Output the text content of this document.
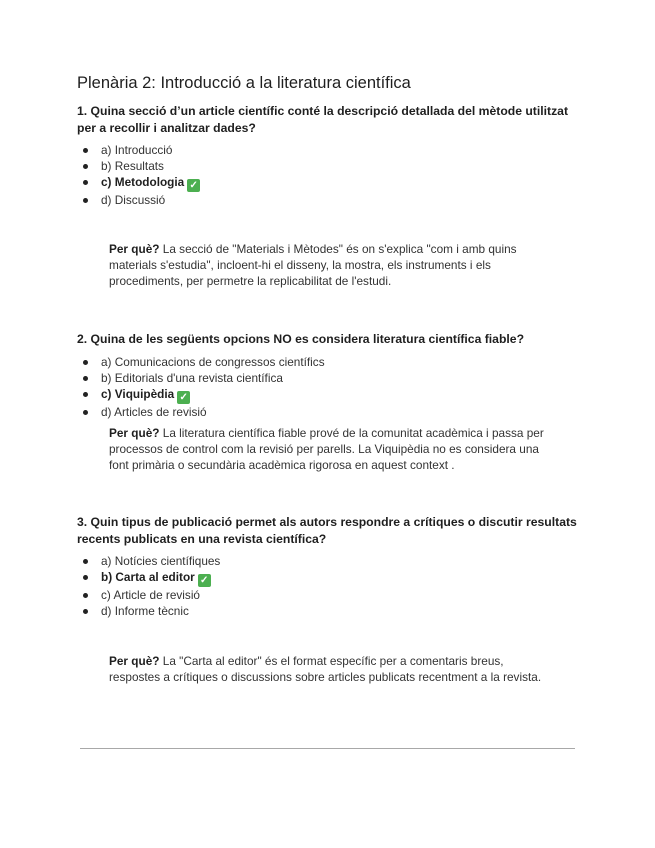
Plenària 2: Introducció a la literatura científica
1. Quina secció d’un article científic conté la descripció detallada del mètode utilitzat per a recollir i analitzar dades?
a) Introducció
b) Resultats
c) Metodologia ✓
d) Discussió
Per què? La secció de "Materials i Mètodes" és on s'explica "com i amb quins materials s'estudia", incloent-hi el disseny, la mostra, els instruments i els procediments, per permetre la replicabilitat de l'estudi.
2. Quina de les següents opcions NO es considera literatura científica fiable?
a) Comunicacions de congressos científics
b) Editorials d'una revista científica
c) Viquipèdia ✓
d) Articles de revisió
Per què? La literatura científica fiable prové de la comunitat acadèmica i passa per processos de control com la revisió per parells. La Viquipèdia no es considera una font primària o secundària acadèmica rigorosa en aquest context .
3. Quin tipus de publicació permet als autors respondre a crítiques o discutir resultats recents publicats en una revista científica?
a) Notícies científiques
b) Carta al editor ✓
c) Article de revisió
d) Informe tècnic
Per què? La "Carta al editor" és el format específic per a comentaris breus, respostes a crítiques o discussions sobre articles publicats recentment a la revista.
